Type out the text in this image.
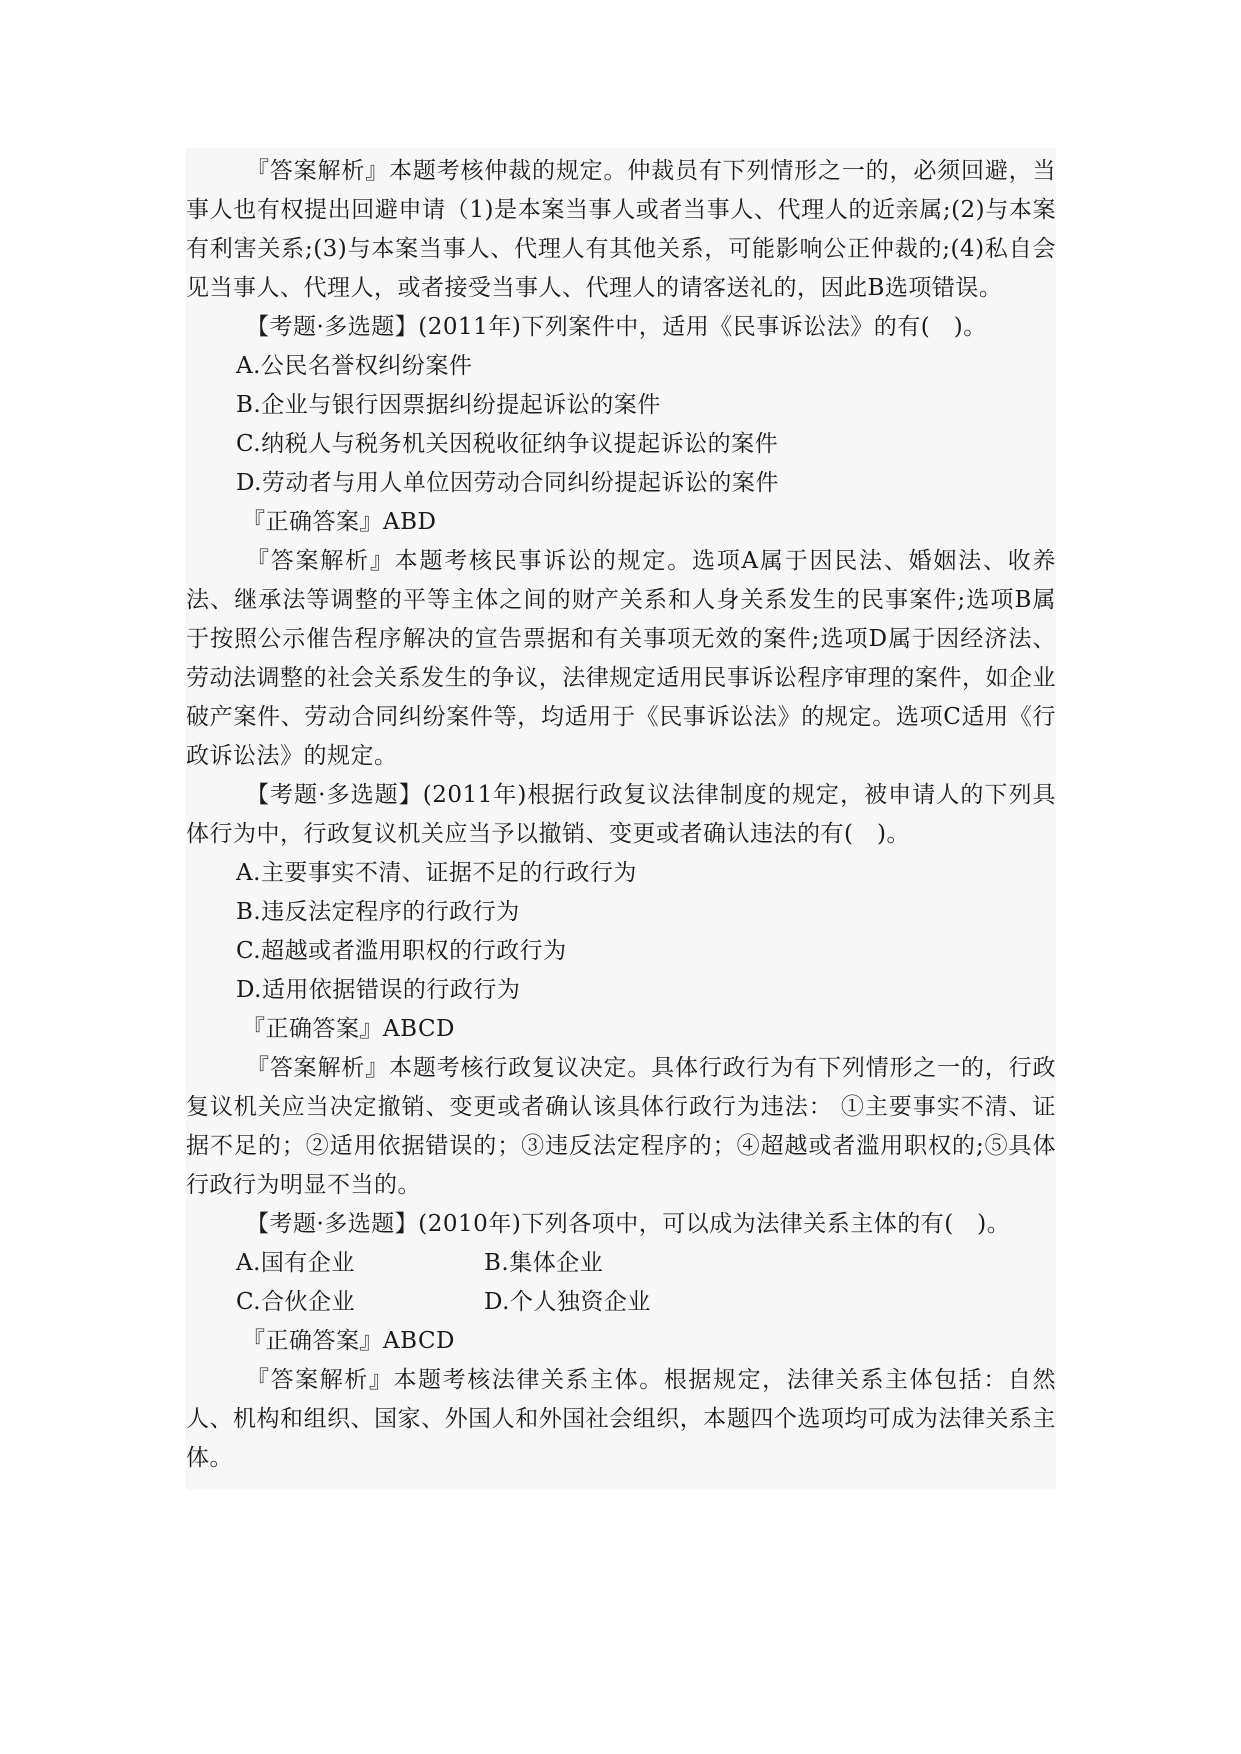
『答案解析』本题考核仲裁的规定。仲裁员有下列情形之一的，必须回避，当事人也有权提出回避申请（1)是本案当事人或者当事人、代理人的近亲属;(2)与本案有利害关系;(3)与本案当事人、代理人有其他关系，可能影响公正仲裁的;(4)私自会见当事人、代理人，或者接受当事人、代理人的请客送礼的，因此B选项错误。

【考题·多选题】(2011年)下列案件中，适用《民事诉讼法》的有(　)。

A.公民名誉权纠纷案件

B.企业与银行因票据纠纷提起诉讼的案件

C.纳税人与税务机关因税收征纳争议提起诉讼的案件

D.劳动者与用人单位因劳动合同纠纷提起诉讼的案件

『正确答案』ABD

『答案解析』本题考核民事诉讼的规定。选项A属于因民法、婚姻法、收养法、继承法等调整的平等主体之间的财产关系和人身关系发生的民事案件;选项B属于按照公示催告程序解决的宣告票据和有关事项无效的案件;选项D属于因经济法、劳动法调整的社会关系发生的争议，法律规定适用民事诉讼程序审理的案件，如企业破产案件、劳动合同纠纷案件等，均适用于《民事诉讼法》的规定。选项C适用《行政诉讼法》的规定。

【考题·多选题】(2011年)根据行政复议法律制度的规定，被申请人的下列具体行为中，行政复议机关应当予以撤销、变更或者确认违法的有(　)。

A.主要事实不清、证据不足的行政行为

B.违反法定程序的行政行为

C.超越或者滥用职权的行政行为

D.适用依据错误的行政行为

『正确答案』ABCD

『答案解析』本题考核行政复议决定。具体行政行为有下列情形之一的，行政复议机关应当决定撤销、变更或者确认该具体行政行为违法： ①主要事实不清、证据不足的；②适用依据错误的；③违反法定程序的；④超越或者滥用职权的;⑤具体行政行为明显不当的。

【考题·多选题】(2010年)下列各项中，可以成为法律关系主体的有(　)。

A.国有企业	B.集体企业
C.合伙企业	D.个人独资企业

『正确答案』ABCD

『答案解析』本题考核法律关系主体。根据规定，法律关系主体包括：自然人、机构和组织、国家、外国人和外国社会组织，本题四个选项均可成为法律关系主体。
